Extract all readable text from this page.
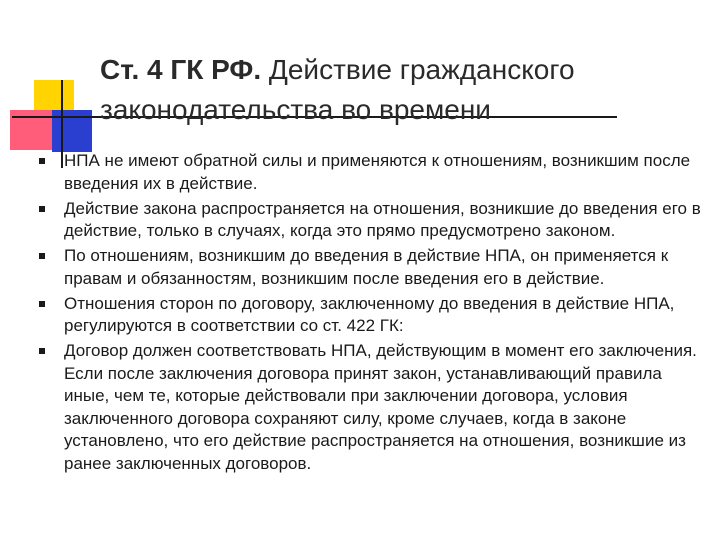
Ст. 4 ГК РФ. Действие гражданского законодательства во времени
НПА не имеют обратной силы и применяются к отношениям, возникшим после введения их в действие.
Действие закона распространяется на отношения, возникшие до введения его в действие, только в случаях, когда это прямо предусмотрено законом.
По отношениям, возникшим до введения в действие НПА, он применяется к правам и обязанностям, возникшим после введения его в действие.
Отношения сторон по договору, заключенному до введения в действие НПА, регулируются в соответствии со ст. 422 ГК:
Договор должен соответствовать НПА, действующим в момент его заключения. Если после заключения договора принят закон, устанавливающий правила иные, чем те, которые действовали при заключении договора, условия заключенного договора сохраняют силу, кроме случаев, когда в законе установлено, что его действие распространяется на отношения, возникшие из ранее заключенных договоров.
